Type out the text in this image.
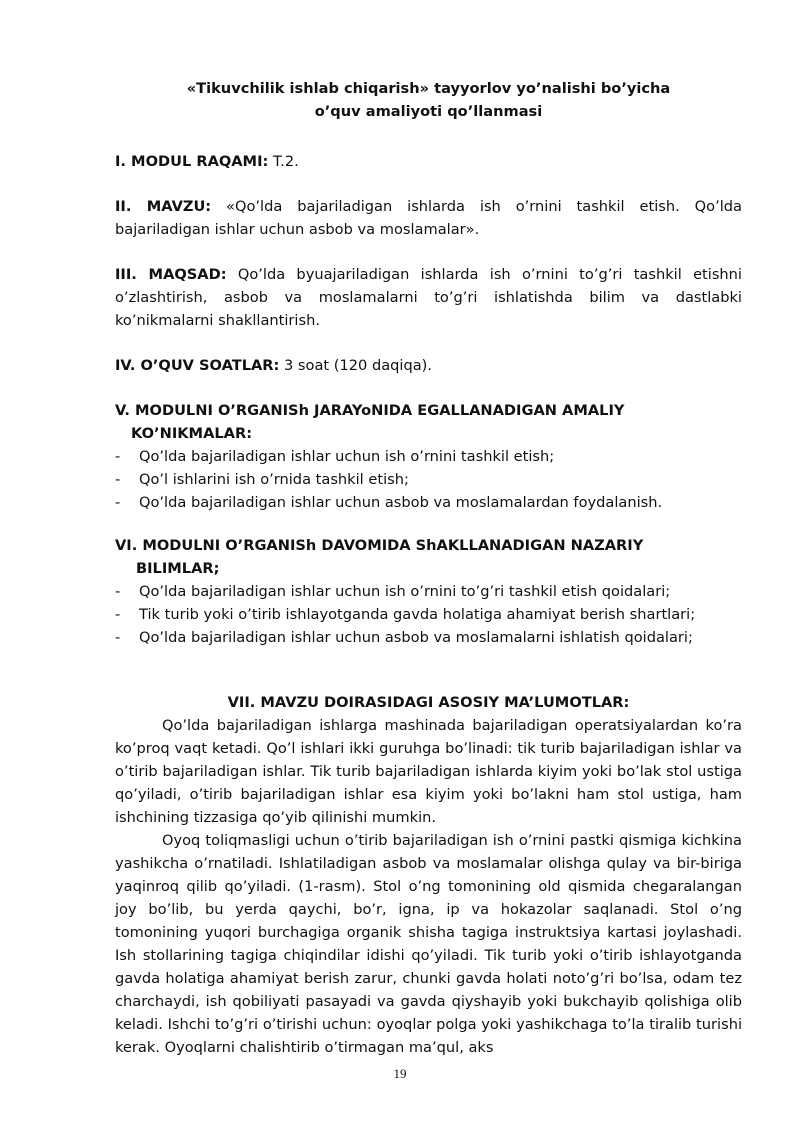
«Tikuvchilik ishlab chiqarish» tayyorlov yo’nalishi bo’yicha
o’quv amaliyoti qo’llanmasi
I. MODUL RAQAMI: T.2.
II. MAVZU: «Qo’lda bajariladigan ishlarda ish o’rnini tashkil etish. Qo’lda bajariladigan ishlar uchun asbob va moslamalar».
III. MAQSAD: Qo’lda byuajariladigan ishlarda ish o’rnini to’g’ri tashkil etishni o’zlashtirish, asbob va moslamalarni to’g’ri ishlatishda bilim va dastlabki ko’nikmalarni shakllantirish.
IV. O’QUV SOATLAR: 3 soat (120 daqiqa).
V. MODULNI O’RGANISh JARAYoNIDA EGALLANADIGAN AMALIY
KO’NIKMALAR:
- Qo’lda bajariladigan ishlar uchun ish o’rnini tashkil etish;
- Qo’l ishlarini ish o’rnida tashkil etish;
- Qo’lda bajariladigan ishlar uchun asbob va moslamalardan foydalanish.
VI. MODULNI O’RGANISh DAVOMIDA ShAKLLANADIGAN NAZARIY
BILIMLAR;
- Qo’lda bajariladigan ishlar uchun ish o’rnini to’g’ri tashkil etish qoidalari;
- Tik turib yoki o’tirib ishlayotganda gavda holatiga ahamiyat berish shartlari;
- Qo’lda bajariladigan ishlar uchun asbob va moslamalarni ishlatish qoidalari;
VII. MAVZU DOIRASIDAGI ASOSIY MA’LUMOTLAR:

Qo’lda bajariladigan ishlarga mashinada bajariladigan operatsiyalardan ko’ra ko’proq vaqt ketadi. Qo’l ishlari ikki guruhga bo’linadi: tik turib bajariladigan ishlar va o’tirib bajariladigan ishlar. Tik turib bajariladigan ishlarda kiyim yoki bo’lak stol ustiga qo’yiladi, o’tirib bajariladigan ishlar esa kiyim yoki bo’lakni ham stol ustiga, ham ishchining tizzasiga qo’yib qilinishi mumkin.

Oyoq toliqmasligi uchun o’tirib bajariladigan ish o’rnini pastki qismiga kichkina yashikcha o’rnatiladi. Ishlatiladigan asbob va moslamalar olishga qulay va bir-biriga yaqinroq qilib qo’yiladi. (1-rasm). Stol o’ng tomonining old qismida chegaralangan joy bo’lib, bu yerda qaychi, bo’r, igna, ip va hokazolar saqlanadi. Stol o’ng tomonining yuqori burchagiga organik shisha tagiga instruktsiya kartasi joylashadi. Ish stollarining tagiga chiqindilar idishi qo’yiladi. Tik turib yoki o’tirib ishlayotganda gavda holatiga ahamiyat berish zarur, chunki gavda holati noto’g’ri bo’lsa, odam tez charchaydi, ish qobiliyati pasayadi va gavda qiyshayib yoki bukchayib qolishiga olib keladi. Ishchi to’g’ri o’tirishi uchun: oyoqlar polga yoki yashikchaga to’la tiralib turishi kerak. Oyoqlarni chalishtirib o’tirmagan ma’qul, aks

19
